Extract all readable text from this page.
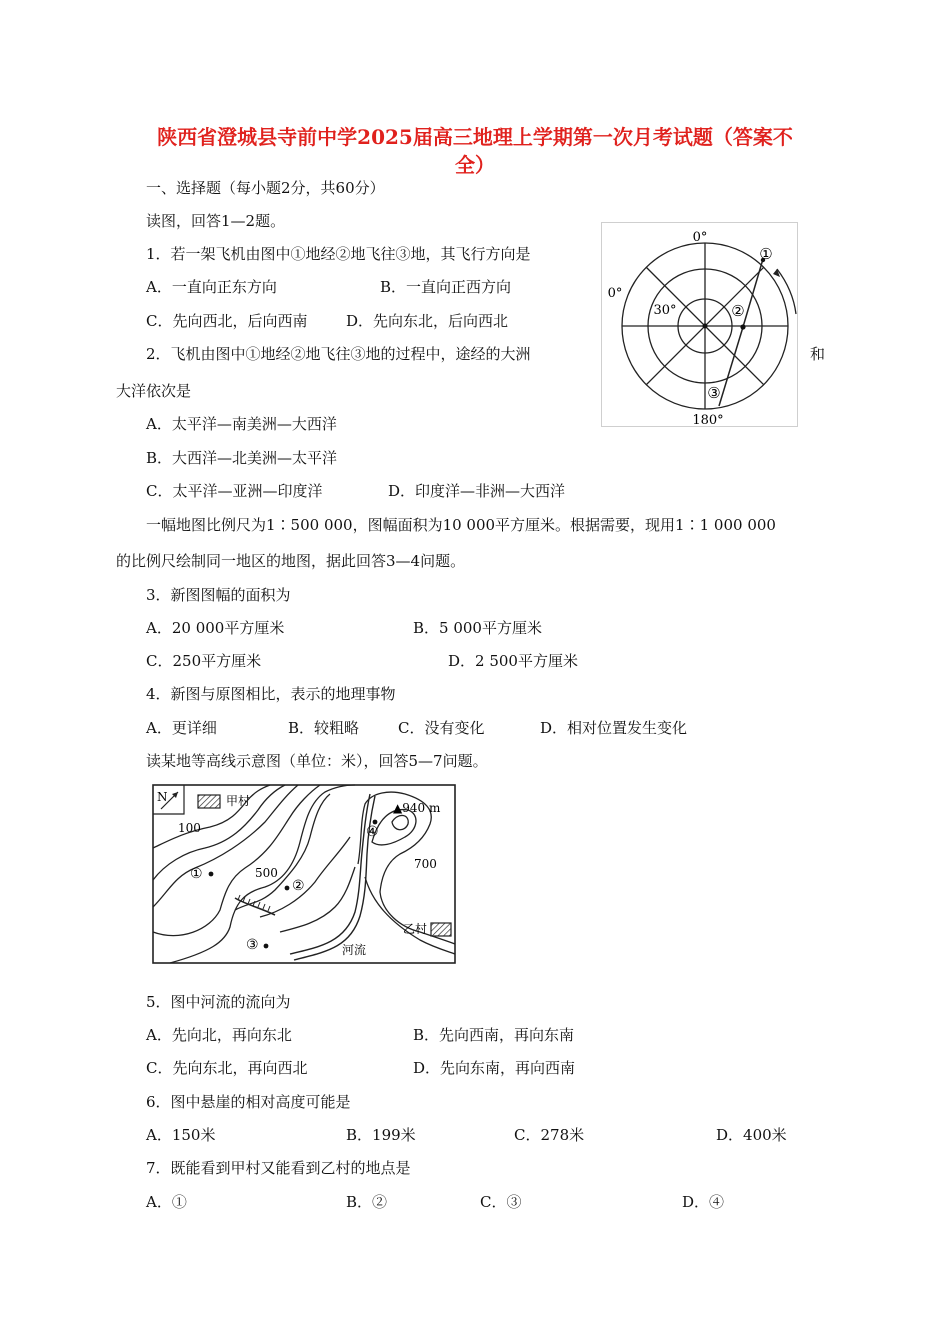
陕西省澄城县寺前中学2025届高三地理上学期第一次月考试题（答案不
全）
一、选择题（每小题2分，共60分）
读图，回答1—2题。
1．若一架飞机由图中①地经②地飞往③地，其飞行方向是
A．一直向正东方向	B．一直向正西方向
C．先向西北，后向西南	D．先向东北，后向西北
2．飞机由图中①地经②地飞往③地的过程中，途经的大洲	和
大洋依次是
A．太平洋—南美洲—大西洋
B．大西洋—北美洲—太平洋
C．太平洋—亚洲—印度洋	D．印度洋—非洲—大西洋
一幅地图比例尺为1∶500 000，图幅面积为10 000平方厘米。根据需要，现用1∶1 000 000
的比例尺绘制同一地区的地图，据此回答3—4问题。
3．新图图幅的面积为
A．20 000平方厘米	B．5 000平方厘米
C．250平方厘米	D．2 500平方厘米
4．新图与原图相比，表示的地理事物
A．更详细	B．较粗略	C．没有变化	D．相对位置发生变化
读某地等高线示意图（单位：米），回答5—7问题。
5．图中河流的流向为
A．先向北，再向东北	B．先向西南，再向东南
C．先向东北，再向西北	D．先向东南，再向西南
6．图中悬崖的相对高度可能是
A．150米	B．199米	C．278米	D．400米
7．既能看到甲村又能看到乙村的地点是
A．①	B．②	C．③	D．④
0°
0°
30°
180°
①
②
③
N	甲村
乙村
100
500
700
▲940 m
河流
①
②
③
④
